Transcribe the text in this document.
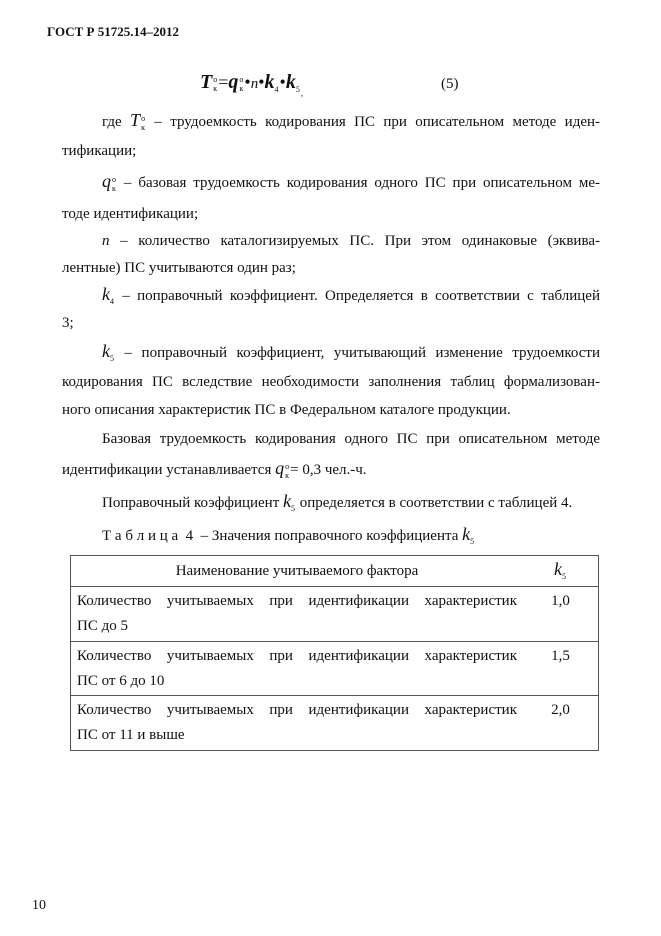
ГОСТ Р 51725.14–2012
T о
к =q о
к $•n•k4•k5_,$
(5)
где T о
к – трудоемкость кодирования ПС при описательном методе иден-
тификации;
q о
к – базовая трудоемкость кодирования одного ПС при описательном ме-
тоде идентификации;
n – количество каталогизируемых ПС. При этом одинаковые (эквива-
лентные) ПС учитываются один раз;
k4 – поправочный коэффициент. Определяется в соответствии с таблицей
3;
k5 – поправочный коэффициент, учитывающий изменение трудоемкости
кодирования ПС вследствие необходимости заполнения таблиц формализован-
ного описания характеристик ПС в Федеральном каталоге продукции.
Базовая трудоемкость кодирования одного ПС при описательном методе
идентификации устанавливается q о
к = 0,3 чел.-ч.
Поправочный коэффициент k5 определяется в соответствии с таблицей 4.
Т а б л и ц а  4  – Значения поправочного коэффициента k5
Наименование учитываемого фактора	k5

Количество учитываемых при идентификации характеристик
ПС до 5	1,0

Количество учитываемых при идентификации характеристик
ПС от 6 до 10	1,5

Количество учитываемых при идентификации характеристик
ПС от 11 и выше	2,0
10
